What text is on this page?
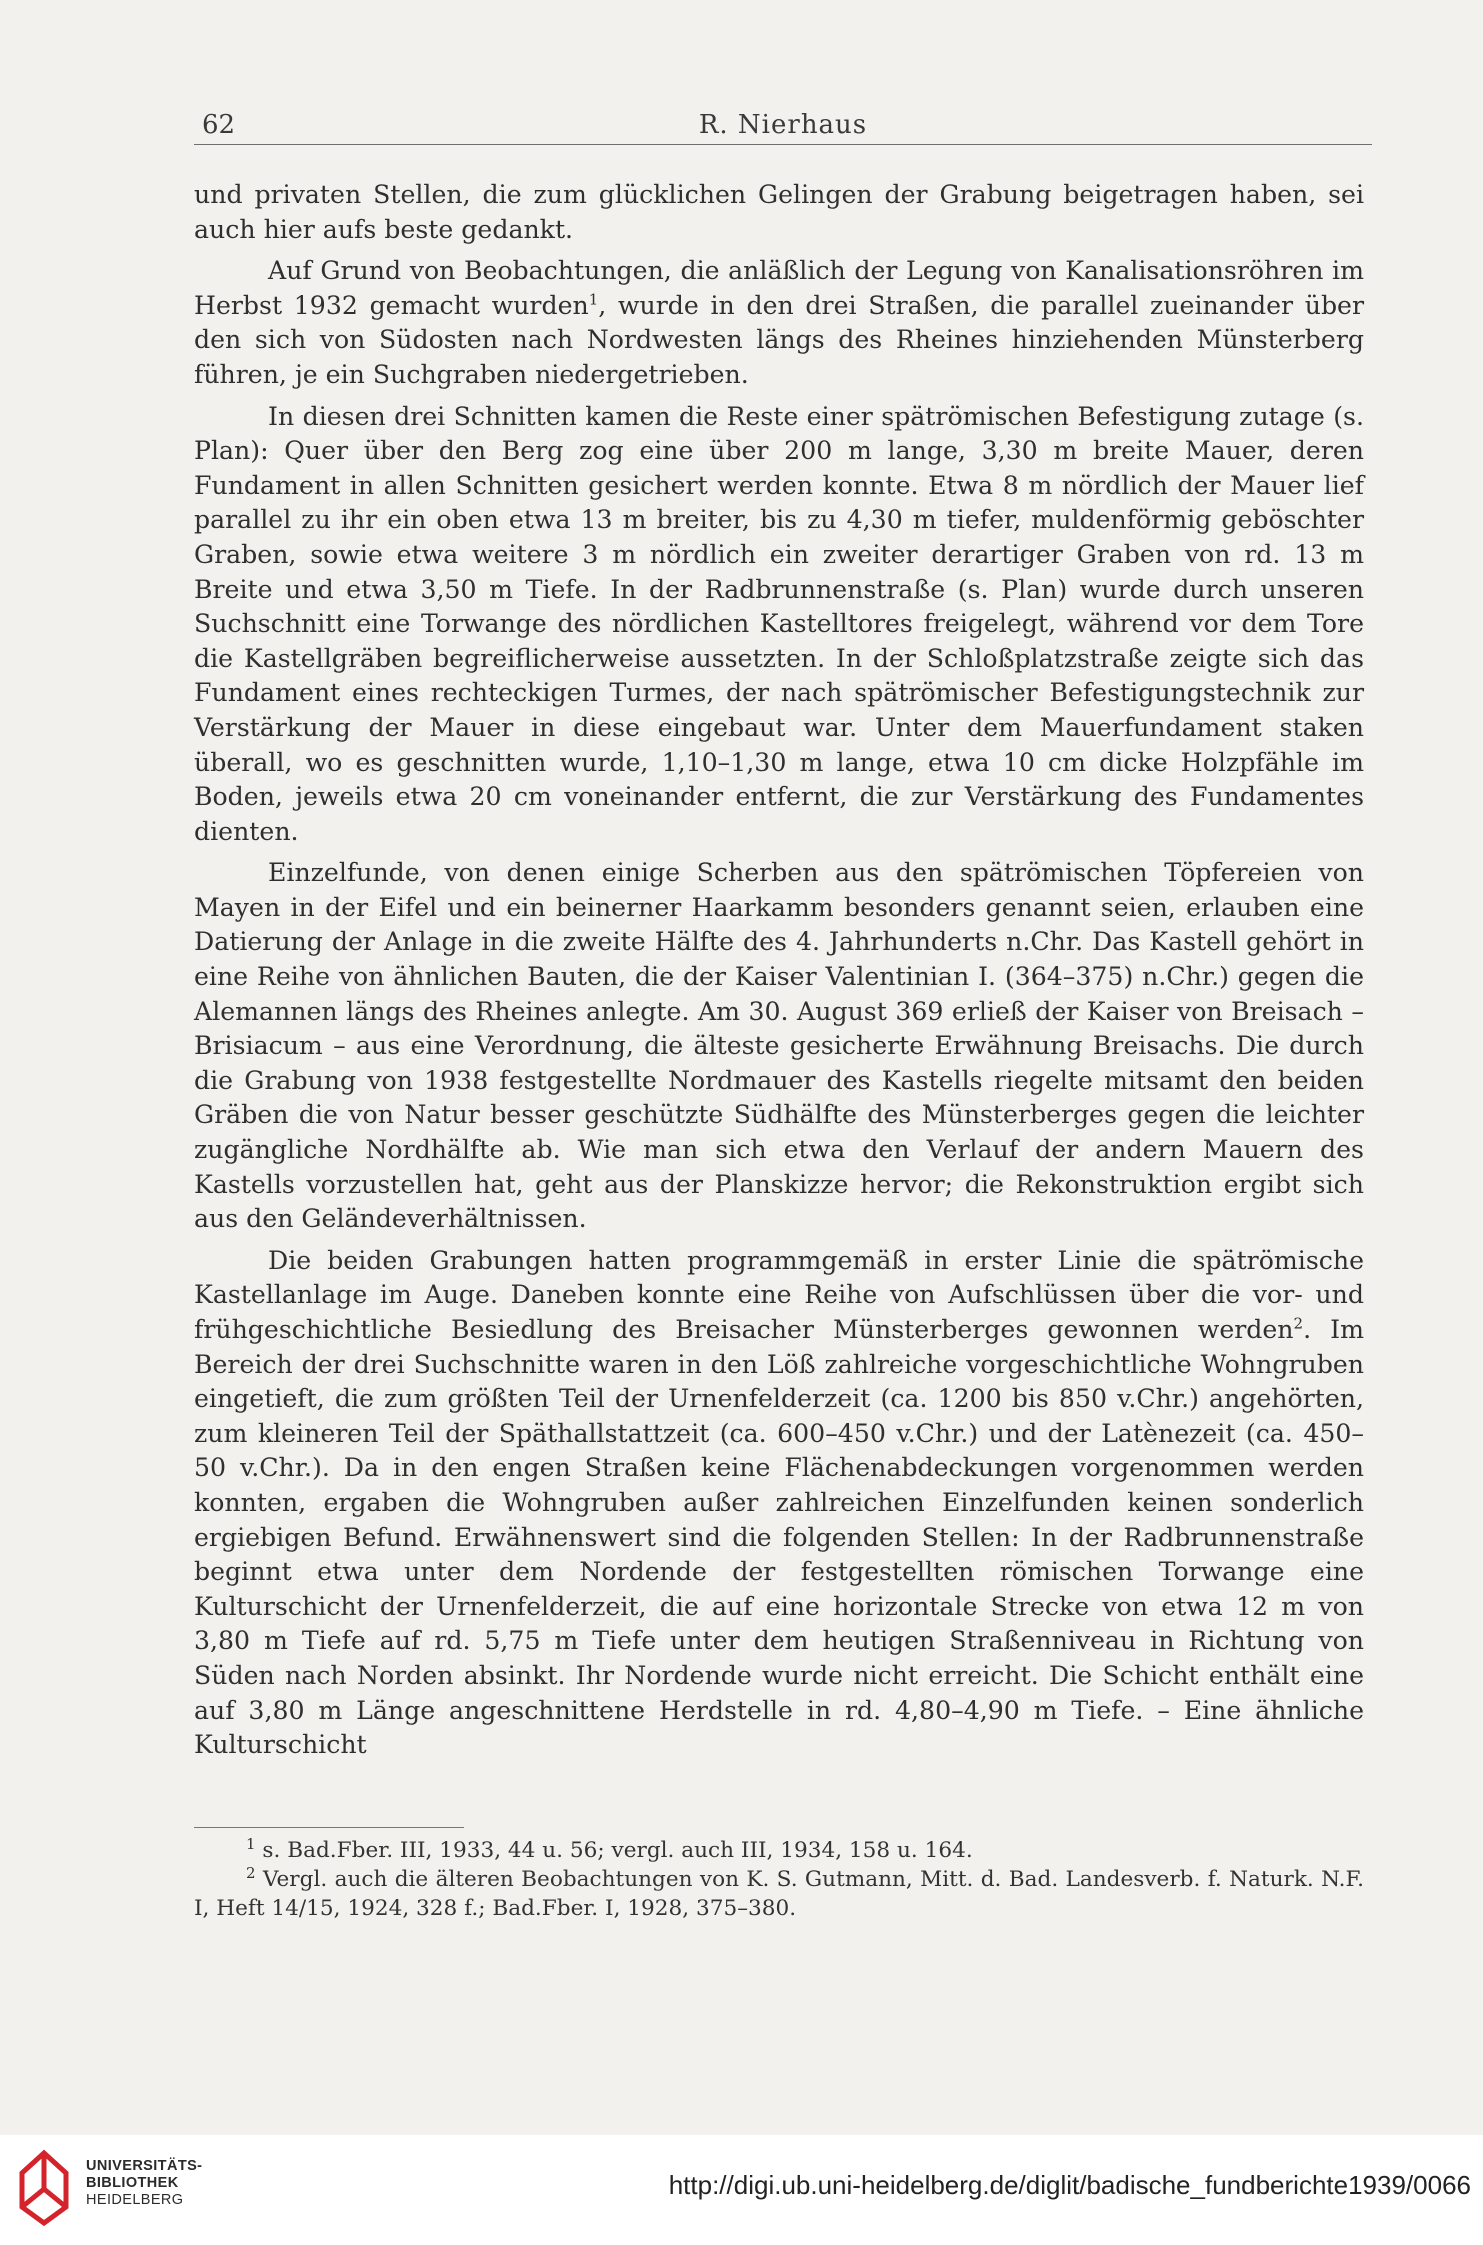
62	R. Nierhaus

und privaten Stellen, die zum glücklichen Gelingen der Grabung beigetragen haben, sei auch hier aufs beste gedankt.

Auf Grund von Beobachtungen, die anläßlich der Legung von Kanalisationsröhren im Herbst 1932 gemacht wurden$^1$, wurde in den drei Straßen, die parallel zueinander über den sich von Südosten nach Nordwesten längs des Rheines hinziehenden Münsterberg führen, je ein Suchgraben niedergetrieben.

In diesen drei Schnitten kamen die Reste einer spätrömischen Befestigung zutage (s. Plan): Quer über den Berg zog eine über 200 m lange, 3,30 m breite Mauer, deren Fundament in allen Schnitten gesichert werden konnte. Etwa 8 m nördlich der Mauer lief parallel zu ihr ein oben etwa 13 m breiter, bis zu 4,30 m tiefer, muldenförmig geböschter Graben, sowie etwa weitere 3 m nördlich ein zweiter derartiger Graben von rd. 13 m Breite und etwa 3,50 m Tiefe. In der Radbrunnenstraße (s. Plan) wurde durch unseren Suchschnitt eine Torwange des nördlichen Kastelltores freigelegt, während vor dem Tore die Kastellgräben begreiflicherweise aussetzten. In der Schloßplatzstraße zeigte sich das Fundament eines rechteckigen Turmes, der nach spätrömischer Befestigungstechnik zur Verstärkung der Mauer in diese eingebaut war. Unter dem Mauerfundament staken überall, wo es geschnitten wurde, 1,10–1,30 m lange, etwa 10 cm dicke Holzpfähle im Boden, jeweils etwa 20 cm voneinander entfernt, die zur Verstärkung des Fundamentes dienten.

Einzelfunde, von denen einige Scherben aus den spätrömischen Töpfereien von Mayen in der Eifel und ein beinerner Haarkamm besonders genannt seien, erlauben eine Datierung der Anlage in die zweite Hälfte des 4. Jahrhunderts n.Chr. Das Kastell gehört in eine Reihe von ähnlichen Bauten, die der Kaiser Valentinian I. (364–375) n.Chr.) gegen die Alemannen längs des Rheines anlegte. Am 30. August 369 erließ der Kaiser von Breisach – Brisiacum – aus eine Verordnung, die älteste gesicherte Erwähnung Breisachs. Die durch die Grabung von 1938 festgestellte Nordmauer des Kastells riegelte mitsamt den beiden Gräben die von Natur besser geschützte Südhälfte des Münsterberges gegen die leichter zugängliche Nordhälfte ab. Wie man sich etwa den Verlauf der andern Mauern des Kastells vorzustellen hat, geht aus der Planskizze hervor; die Rekonstruktion ergibt sich aus den Geländeverhältnissen.

Die beiden Grabungen hatten programmgemäß in erster Linie die spätrömische Kastellanlage im Auge. Daneben konnte eine Reihe von Aufschlüssen über die vor- und frühgeschichtliche Besiedlung des Breisacher Münsterberges gewonnen werden$^2$. Im Bereich der drei Suchschnitte waren in den Löß zahlreiche vorgeschichtliche Wohngruben eingetieft, die zum größten Teil der Urnenfelderzeit (ca. 1200 bis 850 v.Chr.) angehörten, zum kleineren Teil der Späthallstattzeit (ca. 600–450 v.Chr.) und der Latènezeit (ca. 450–50 v.Chr.). Da in den engen Straßen keine Flächenabdeckungen vorgenommen werden konnten, ergaben die Wohngruben außer zahlreichen Einzelfunden keinen sonderlich ergiebigen Befund. Erwähnenswert sind die folgenden Stellen: In der Radbrunnenstraße beginnt etwa unter dem Nordende der festgestellten römischen Torwange eine Kulturschicht der Urnenfelderzeit, die auf eine horizontale Strecke von etwa 12 m von 3,80 m Tiefe auf rd. 5,75 m Tiefe unter dem heutigen Straßenniveau in Richtung von Süden nach Norden absinkt. Ihr Nordende wurde nicht erreicht. Die Schicht enthält eine auf 3,80 m Länge angeschnittene Herdstelle in rd. 4,80–4,90 m Tiefe. – Eine ähnliche Kulturschicht

$^1$ s. Bad.Fber. III, 1933, 44 u. 56; vergl. auch III, 1934, 158 u. 164.

$^2$ Vergl. auch die älteren Beobachtungen von K. S. Gutmann, Mitt. d. Bad. Landesverb. f. Naturk. N.F. I, Heft 14/15, 1924, 328 f.; Bad.Fber. I, 1928, 375–380.

UNIVERSITÄTS-
BIBLIOTHEK
HEIDELBERG	http://digi.ub.uni-heidelberg.de/diglit/badische_fundberichte1939/0066
